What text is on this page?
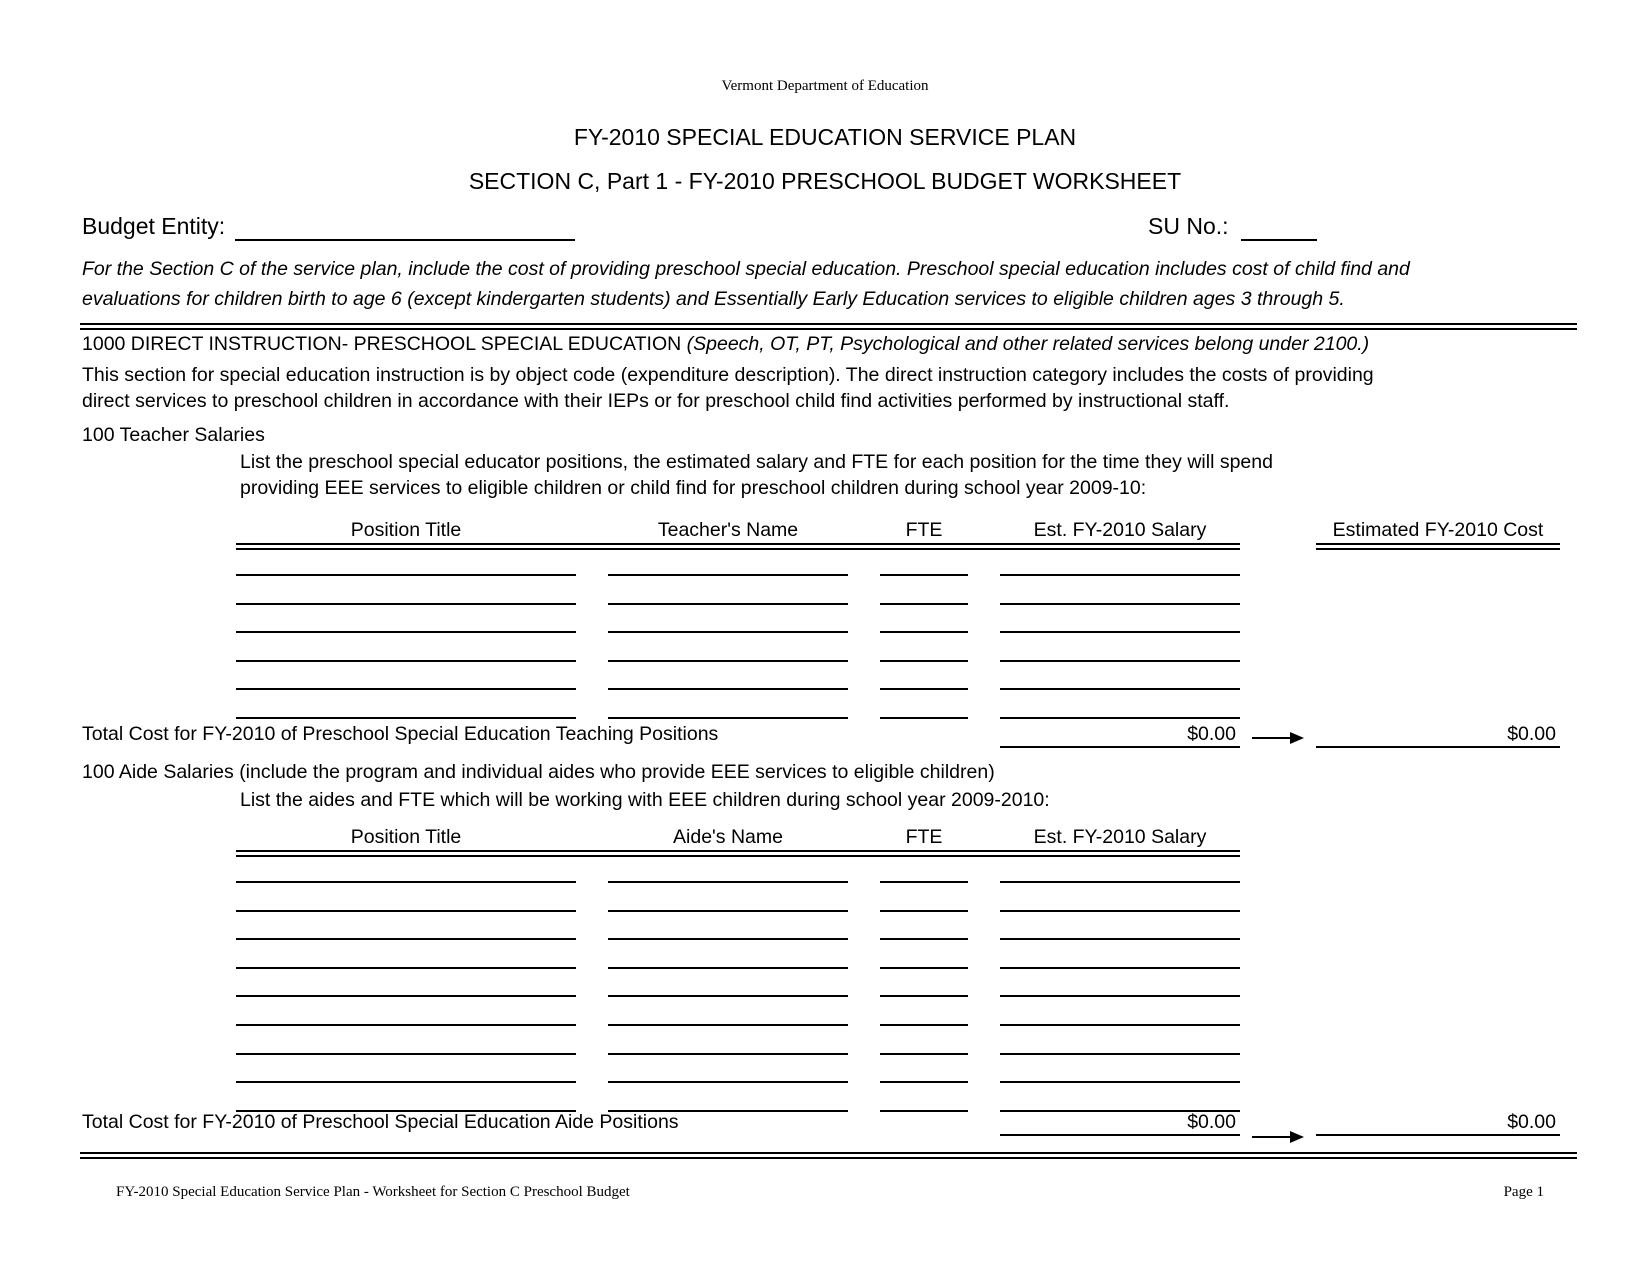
Vermont Department of Education
FY-2010 SPECIAL EDUCATION SERVICE PLAN
SECTION C, Part 1 - FY-2010 PRESCHOOL BUDGET WORKSHEET
Budget Entity:	SU No.:
For the Section C of the service plan, include the cost of providing preschool special education. Preschool special education includes cost of child find and
evaluations for children birth to age 6 (except kindergarten students) and Essentially Early Education services to eligible children ages 3 through 5.
1000 DIRECT INSTRUCTION- PRESCHOOL SPECIAL EDUCATION (Speech, OT, PT, Psychological and other related services belong under 2100.)
This section for special education instruction is by object code (expenditure description). The direct instruction category includes the costs of providing
direct services to preschool children in accordance with their IEPs or for preschool child find activities performed by instructional staff.
100 Teacher Salaries
List the preschool special educator positions, the estimated salary and FTE for each position for the time they will spend
providing EEE services to eligible children or child find for preschool children during school year 2009-10:
Position Title	Teacher's Name	FTE	Est. FY-2010 Salary	Estimated FY-2010 Cost
Total Cost for FY-2010 of Preschool Special Education Teaching Positions	$0.00	$0.00
100 Aide Salaries (include the program and individual aides who provide EEE services to eligible children)
List the aides and FTE which will be working with EEE children during school year 2009-2010:
Position Title	Aide's Name	FTE	Est. FY-2010 Salary
Total Cost for FY-2010 of Preschool Special Education Aide Positions	$0.00	$0.00
FY-2010 Special Education Service Plan - Worksheet for Section C Preschool Budget	Page 1
